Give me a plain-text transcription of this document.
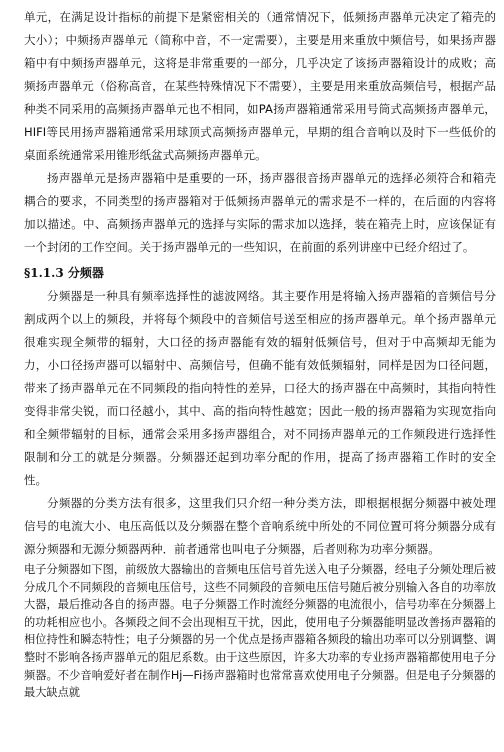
单元，在满足设计指标的前提下是紧密相关的（通常情况下，低频扬声器单元决定了箱壳的大小）；中频扬声器单元（简称中音，不一定需要），主要是用来重放中频信号，如果扬声器箱中有中频扬声器单元，这将是非常重要的一部分，几乎决定了该扬声器箱设计的成败；高频扬声器单元（俗称高音，在某些特殊情况下不需要），主要是用来重放高频信号，根据产品种类不同采用的高频扬声器单元也不相同，如PA扬声器箱通常采用号筒式高频扬声器单元，HIFI等民用扬声器箱通常采用球顶式高频扬声器单元，早期的组合音响以及时下一些低价的桌面系统通常采用锥形纸盆式高频扬声器单元。

扬声器单元是扬声器箱中是重要的一环，扬声器很音扬声器单元的选择必须符合和箱壳耦合的要求，不同类型的扬声器箱对于低频扬声器单元的需求是不一样的，在后面的内容将加以描述。中、高频扬声器单元的选择与实际的需求加以选择，装在箱壳上时，应该保证有一个封闭的工作空间。关于扬声器单元的一些知识，在前面的系列讲座中已经介绍过了。

§1.1.3 分频器

分频器是一种具有频率选择性的滤波网络。其主要作用是将输入扬声器箱的音频信号分割成两个以上的频段，并将每个频段中的音频信号送至相应的扬声器单元。单个扬声器单元很难实现全频带的辐射，大口径的扬声器能有效的辐射低频信号，但对于中高频却无能为力，小口径扬声器可以辐射中、高频信号，但确不能有效低频辐射，同样是因为口径问题，带来了扬声器单元在不同频段的指向特性的差异，口径大的扬声器在中高频时，其指向特性变得非常尖锐，而口径越小，其中、高的指向特性越宽；因此一般的扬声器箱为实现宽指向和全频带辐射的目标，通常会采用多扬声器组合，对不同扬声器单元的工作频段进行选择性限制和分工的就是分频器。分频器还起到功率分配的作用，提高了扬声器箱工作时的安全性。

分频器的分类方法有很多，这里我们只介绍一种分类方法，即根据根据分频器中被处理信号的电流大小、电压高低以及分频器在整个音响系统中所处的不同位置可将分频器分成有源分频器和无源分频器两种．前者通常也叫电子分频器，后者则称为功率分频器。

电子分频器如下图，前级放大器输出的音频电压信号首先送入电子分频器，经电子分频处理后被分成几个不同频段的音频电压信号，这些不同频段的音频电压信号随后被分别输入各自的功率放大器，最后推动各自的扬声器。电子分频器工作时流经分频器的电流很小，信号功率在分频器上的功耗相应也小。各频段之间不会出现相互干扰，因此，使用电子分频器能明显改善扬声器箱的相位持性和瞬态特性；电子分频器的另一个优点是扬声器箱各频段的输出功率可以分别调整、调整时不影响各扬声器单元的阻尼系数。由于这些原因，许多大功率的专业扬声器箱都使用电子分频器。不少音响爱好者在制作Hj—Fi扬声器箱时也常常喜欢使用电子分频器。但是电子分频器的最大缺点就
